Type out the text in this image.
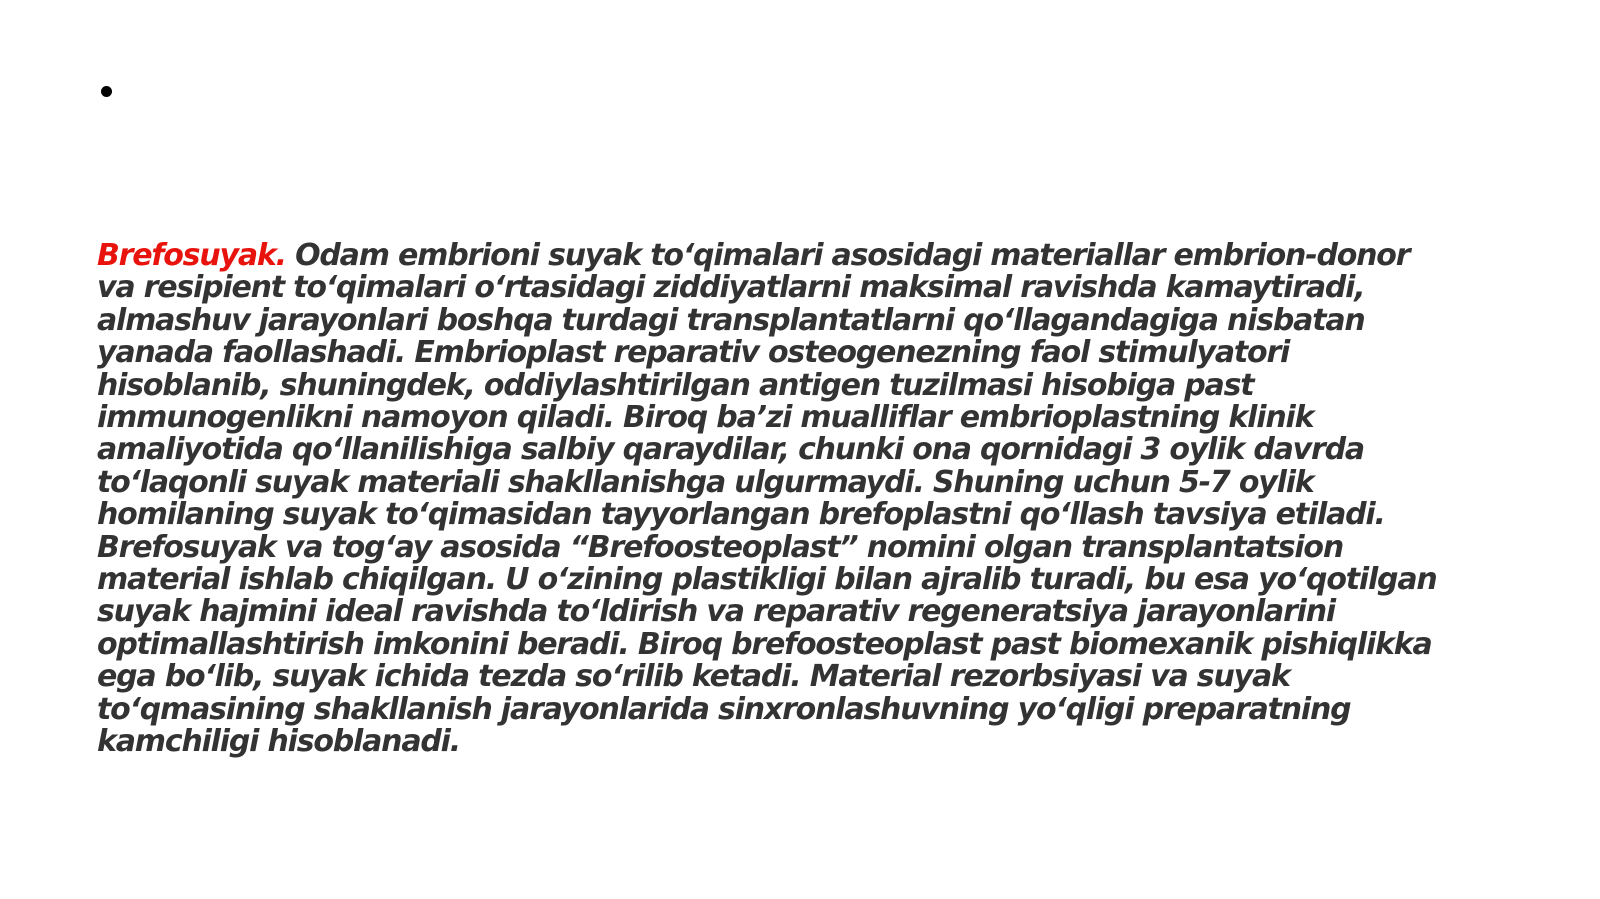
Brefosuyak. Odam embrioni suyak toʻqimalari asosidagi materiallar embrion-donor
va resipient toʻqimalari oʻrtasidagi ziddiyatlarni maksimal ravishda kamaytiradi,
almashuv jarayonlari boshqa turdagi transplantatlarni qoʻllagandagiga nisbatan
yanada faollashadi. Embrioplast reparativ osteogenezning faol stimulyatori
hisoblanib, shuningdek, oddiylashtirilgan antigen tuzilmasi hisobiga past
immunogenlikni namoyon qiladi. Biroq baʼzi mualliflar embrioplastning klinik
amaliyotida qoʻllanilishiga salbiy qaraydilar, chunki ona qornidagi 3 oylik davrda
toʻlaqonli suyak materiali shakllanishga ulgurmaydi. Shuning uchun 5-7 oylik
homilaning suyak toʻqimasidan tayyorlangan brefoplastni qoʻllash tavsiya etiladi.
Brefosuyak va togʻay asosida “Brefoosteoplast” nomini olgan transplantatsion
material ishlab chiqilgan. U oʻzining plastikligi bilan ajralib turadi, bu esa yoʻqotilgan
suyak hajmini ideal ravishda toʻldirish va reparativ regeneratsiya jarayonlarini
optimallashtirish imkonini beradi. Biroq brefoosteoplast past biomexanik pishiqlikka
ega boʻlib, suyak ichida tezda soʻrilib ketadi. Material rezorbsiyasi va suyak
toʻqmasining shakllanish jarayonlarida sinxronlashuvning yoʻqligi preparatning
kamchiligi hisoblanadi.
